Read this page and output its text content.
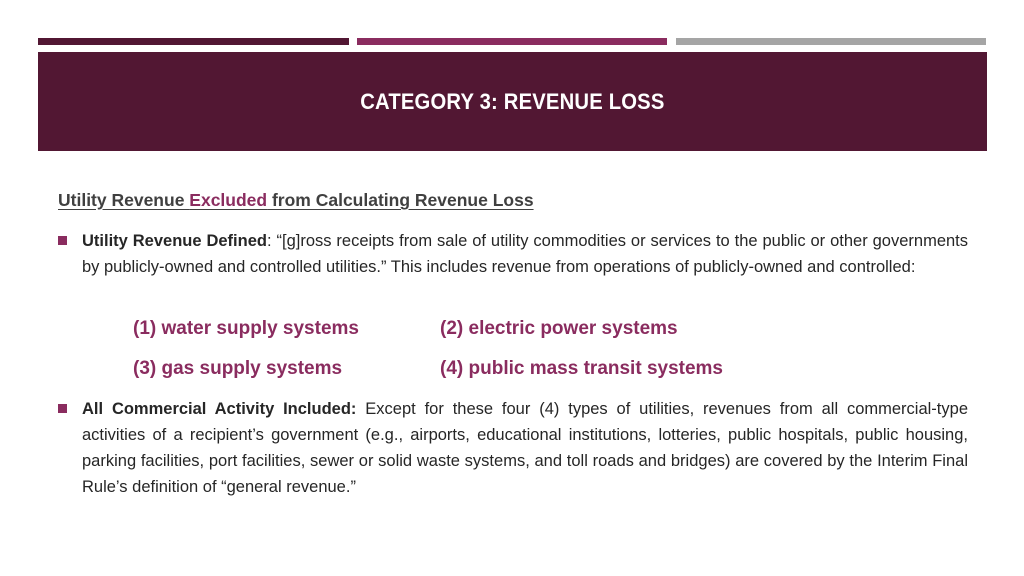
CATEGORY 3: REVENUE LOSS
Utility Revenue Excluded from Calculating Revenue Loss
Utility Revenue Defined: “[g]ross receipts from sale of utility commodities or services to the public or other governments by publicly-owned and controlled utilities.” This includes revenue from operations of publicly-owned and controlled:
(1) water supply systems	(2) electric power systems
(3) gas supply systems	(4) public mass transit systems
All Commercial Activity Included: Except for these four (4) types of utilities, revenues from all commercial-type activities of a recipient’s government (e.g., airports, educational institutions, lotteries, public hospitals, public housing, parking facilities, port facilities, sewer or solid waste systems, and toll roads and bridges) are covered by the Interim Final Rule’s definition of “general revenue.”
